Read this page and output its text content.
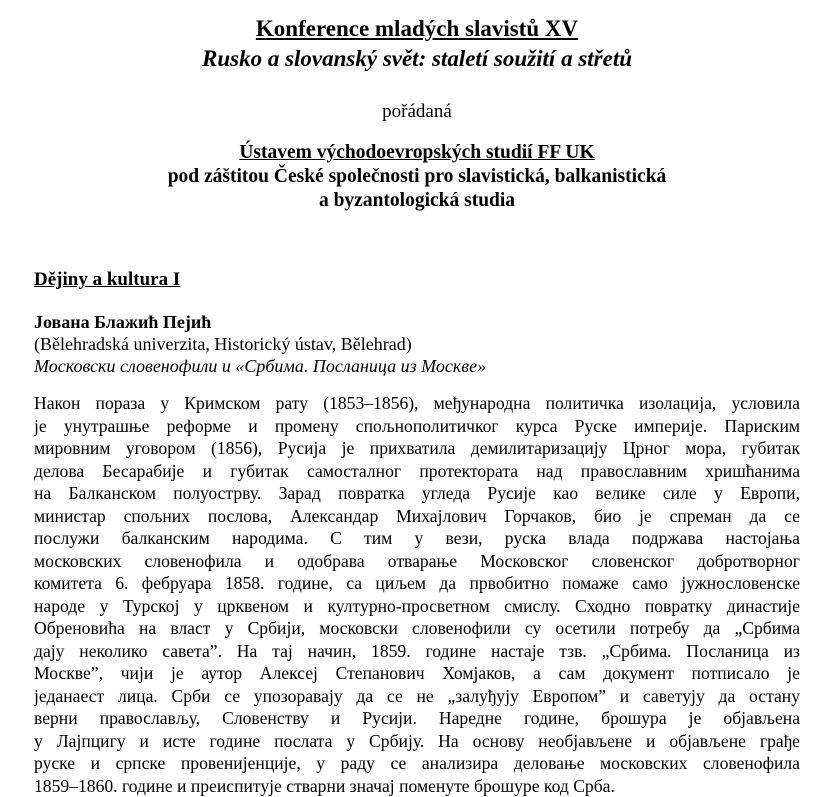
Konference mladých slavistů XV
Rusko a slovanský svět: staletí soužití a střetů
pořádaná
Ústavem východoevropských studií FF UK
pod záštitou České společnosti pro slavistická, balkanistická
a byzantologická studia
Dějiny a kultura I
Јована Блажић Пејић
(Bělehradská univerzita, Historický ústav, Bělehrad)
Московски словенофили и «Србима. Посланица из Москве»
Након пораза у Кримском рату (1853–1856), међународна политичка изолација, условила
је унутрашње реформе и промену спољнополитичког курса Руске империје. Париским
мировним уговором (1856), Русија је прихватила демилитаризацију Црног мора, губитак
делова Бесарабије и губитак самосталног протектората над православним хришћанима
на Балканском полуострву. Зарад повратка угледа Русије као велике силе у Европи,
министар спољних послова, Александар Михаjлович Горчаков, био је спреман да се
послужи балканским народима. С тим у вези, руска влада подржава настојања
московских словенофила и одобрава отварање Московског словенског добротворног
комитета 6. фебруара 1858. године, са циљем да првобитно помаже само јужнословенске
народе у Турској у црквеном и културно-просветном смислу. Сходно повратку династије
Обреновића на власт у Србији, московски словенофили су осетили потребу да „Србима
дају неколико савета”. На тај начин, 1859. године настаје тзв. „Србима. Посланица из
Москве”, чији је аутор Алексеј Степанович Хомјаков, а сам документ потписало је
једанаест лица. Срби се упозоравају да се не „залуђују Европом” и саветују да остану
верни православљу, Словенству и Русији. Наредне године, брошура је објављена
у Лајпцигу и исте године послата у Србију. На основу необјављене и објављене грађе
руске и српске провенијенције, у раду се анализира деловање московских словенофила
1859–1860. године и преиспитује стварни значај поменуте брошуре код Срба.
